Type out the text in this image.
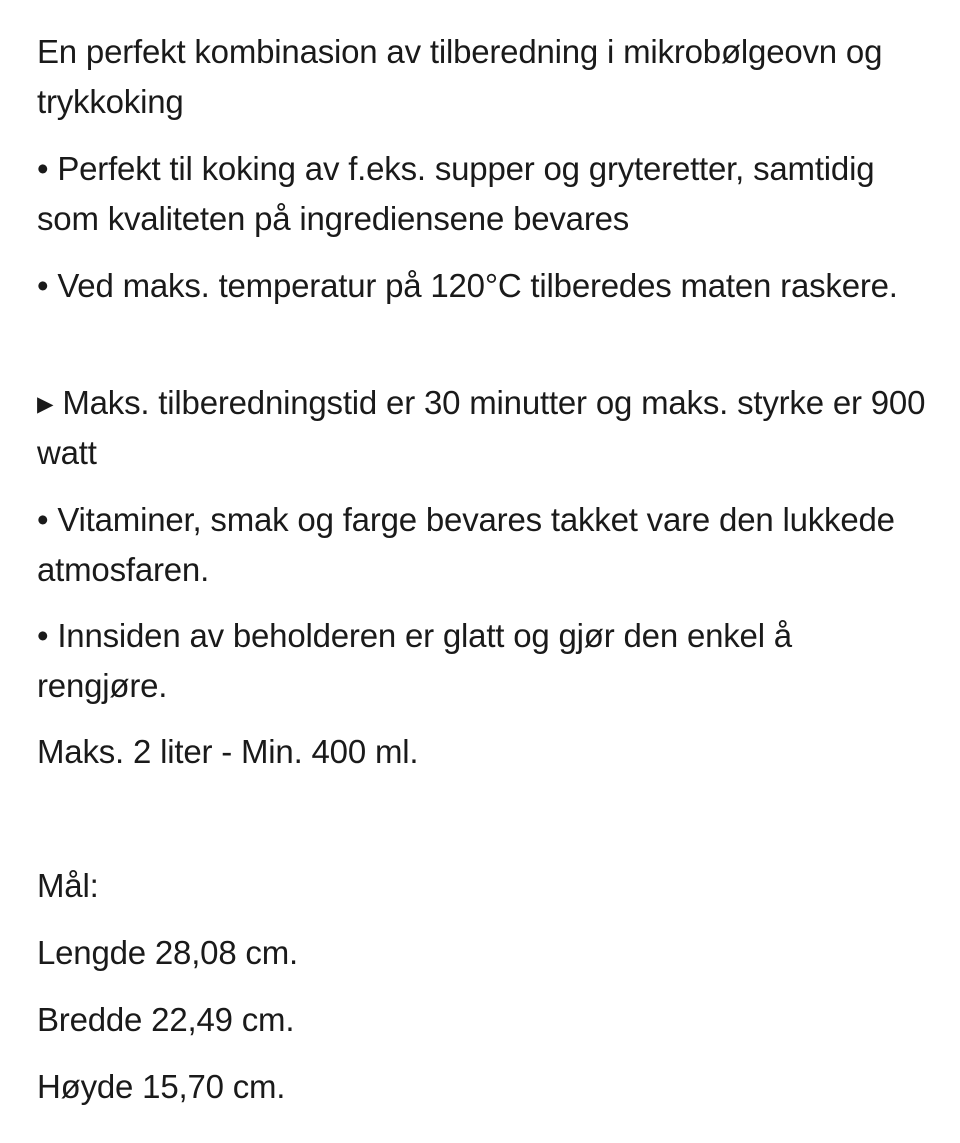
En perfekt kombinasion av tilberedning i mikrobølgeovn og trykkoking
• Perfekt til koking av f.eks. supper og gryteretter, samtidig som kvaliteten på ingrediensene bevares
• Ved maks. temperatur på 120°C tilberedes maten raskere.
▸ Maks. tilberedningstid er 30 minutter og maks. styrke er 900 watt
• Vitaminer, smak og farge bevares takket vare den lukkede atmosfaren.
• Innsiden av beholderen er glatt og gjør den enkel å rengjøre.
Maks. 2 liter - Min. 400 ml.
Mål:
Lengde 28,08 cm.
Bredde 22,49 cm.
Høyde 15,70 cm.
